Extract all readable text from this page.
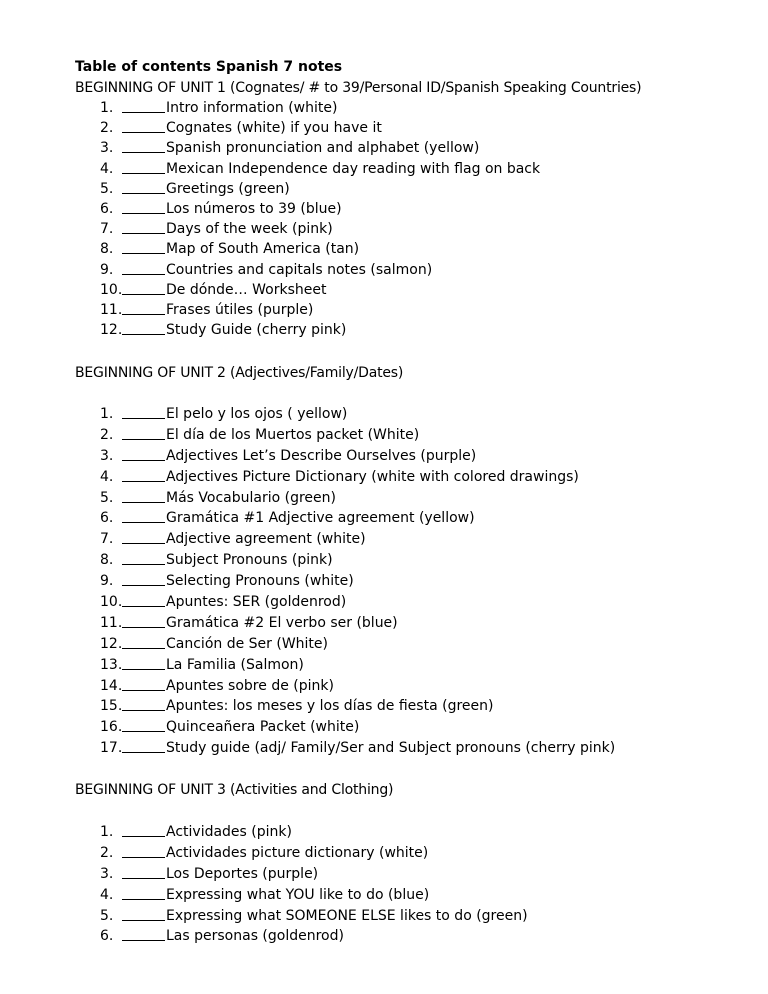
Table of contents Spanish 7 notes
BEGINNING OF UNIT 1 (Cognates/ # to 39/Personal ID/Spanish Speaking Countries)
1.	Intro information (white)
2.	Cognates (white) if you have it
3.	Spanish pronunciation and alphabet (yellow)
4.	Mexican Independence day reading with flag on back
5.	Greetings (green)
6.	Los números to 39 (blue)
7.	Days of the week (pink)
8.	Map of South America (tan)
9.	Countries and capitals notes (salmon)
10.	De dónde… Worksheet
11.	Frases útiles (purple)
12.	Study Guide (cherry pink)
BEGINNING OF UNIT 2 (Adjectives/Family/Dates)
1.	El pelo y los ojos ( yellow)
2.	El día de los Muertos packet (White)
3.	Adjectives Let’s Describe Ourselves (purple)
4.	Adjectives Picture Dictionary (white with colored drawings)
5.	Más Vocabulario (green)
6.	Gramática #1 Adjective agreement (yellow)
7.	Adjective agreement (white)
8.	Subject Pronouns (pink)
9.	Selecting Pronouns (white)
10.	Apuntes: SER (goldenrod)
11.	Gramática #2 El verbo ser (blue)
12.	Canción de Ser (White)
13.	La Familia (Salmon)
14.	Apuntes sobre de (pink)
15.	Apuntes: los meses y los días de fiesta (green)
16.	Quinceañera Packet (white)
17.	Study guide (adj/ Family/Ser and Subject pronouns (cherry pink)
BEGINNING OF UNIT 3 (Activities and Clothing)
1.	Actividades (pink)
2.	Actividades picture dictionary (white)
3.	Los Deportes (purple)
4.	Expressing what YOU like to do (blue)
5.	Expressing what SOMEONE ELSE likes to do (green)
6.	Las personas (goldenrod)
